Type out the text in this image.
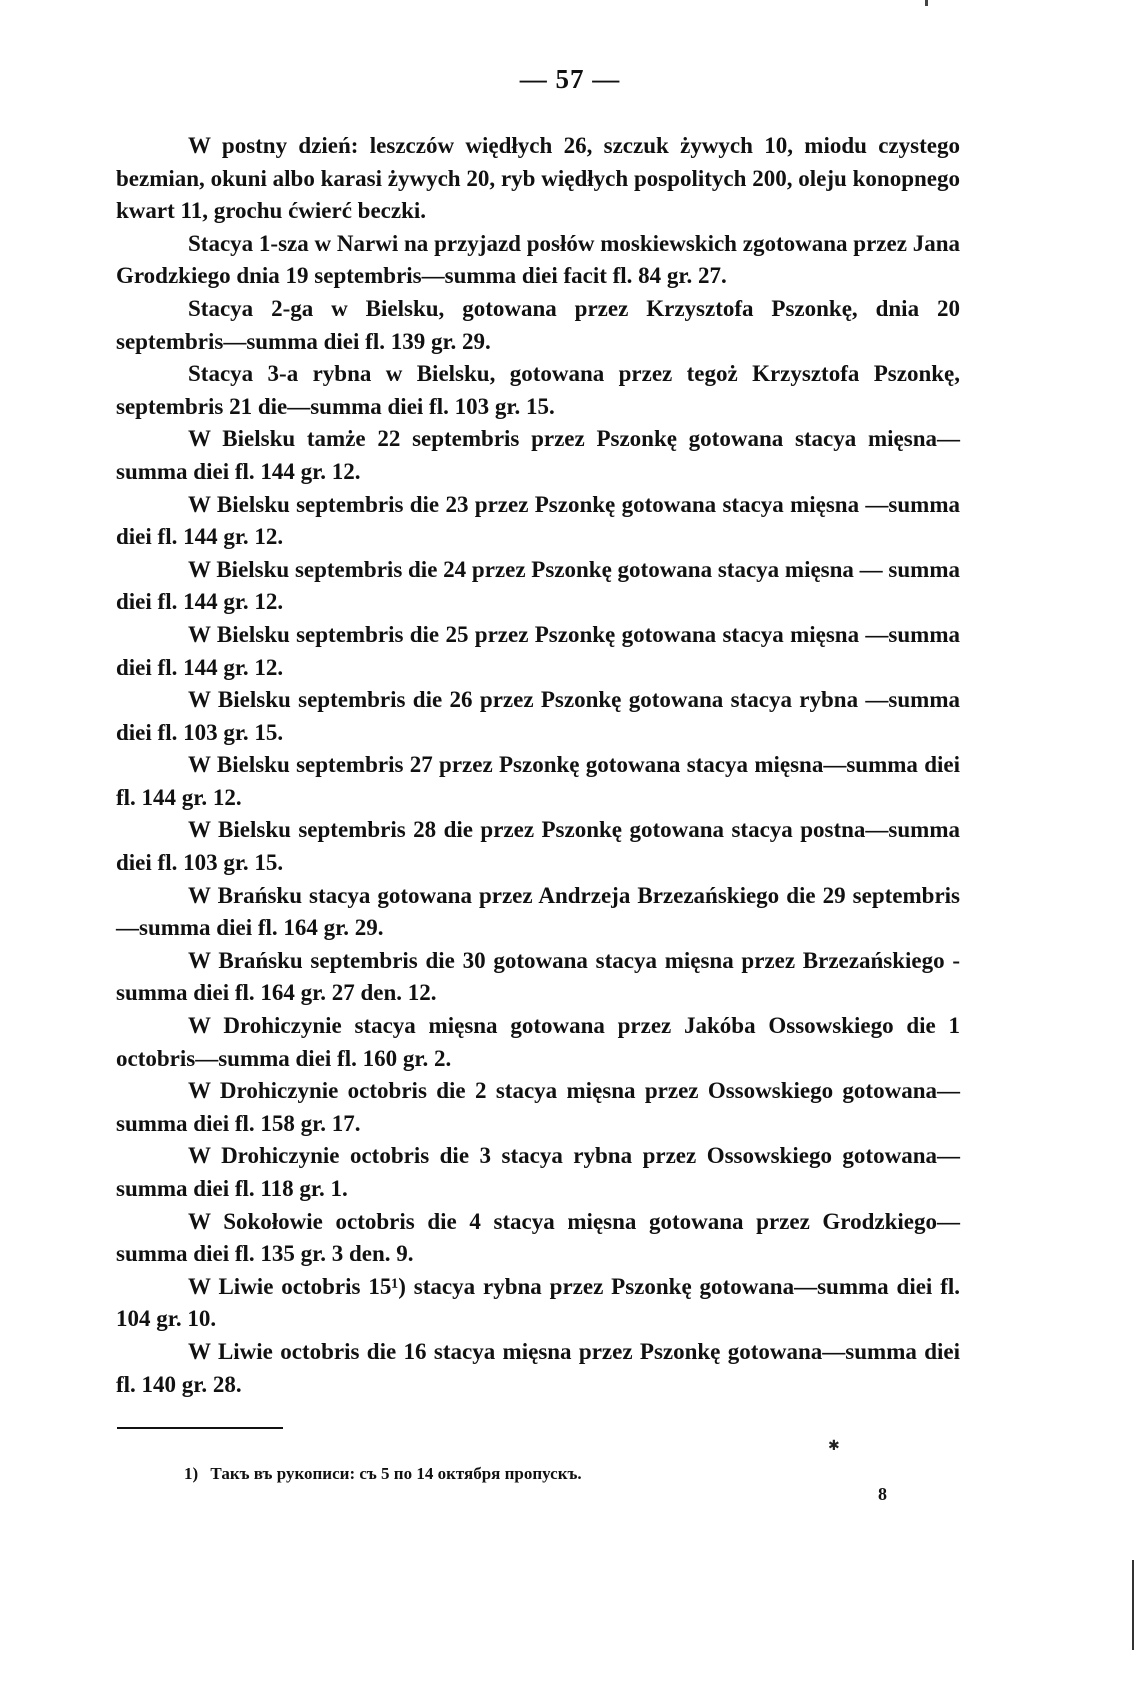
— 57 —

W postny dzień: leszczów więdłych 26, szczuk żywych 10, miodu czystego bezmian, okuni albo karasi żywych 20, ryb więdłych pospolitych 200, oleju konopnego kwart 11, grochu ćwierć beczki.

Stacya 1-sza w Narwi na przyjazd posłów moskiewskich zgotowana przez Jana Grodzkiego dnia 19 septembris—summa diei facit fl. 84 gr. 27.

Stacya 2-ga w Bielsku, gotowana przez Krzysztofa Pszonkę, dnia 20 septembris—summa diei fl. 139 gr. 29.

Stacya 3-a rybna w Bielsku, gotowana przez tegoż Krzysztofa Pszonkę, septembris 21 die—summa diei fl. 103 gr. 15.

W Bielsku tamże 22 septembris przez Pszonkę gotowana stacya mięsna—summa diei fl. 144 gr. 12.

W Bielsku septembris die 23 przez Pszonkę gotowana stacya mięsna —summa diei fl. 144 gr. 12.

W Bielsku septembris die 24 przez Pszonkę gotowana stacya mięsna — summa diei fl. 144 gr. 12.

W Bielsku septembris die 25 przez Pszonkę gotowana stacya mięsna —summa diei fl. 144 gr. 12.

W Bielsku septembris die 26 przez Pszonkę gotowana stacya rybna —summa diei fl. 103 gr. 15.

W Bielsku septembris 27 przez Pszonkę gotowana stacya mięsna—summa diei fl. 144 gr. 12.

W Bielsku septembris 28 die przez Pszonkę gotowana stacya postna—summa diei fl. 103 gr. 15.

W Brańsku stacya gotowana przez Andrzeja Brzezańskiego die 29 septembris—summa diei fl. 164 gr. 29.

W Brańsku septembris die 30 gotowana stacya mięsna przez Brzezańskiego - summa diei fl. 164 gr. 27 den. 12.

W Drohiczynie stacya mięsna gotowana przez Jakóba Ossowskiego die 1 octobris—summa diei fl. 160 gr. 2.

W Drohiczynie octobris die 2 stacya mięsna przez Ossowskiego gotowana—summa diei fl. 158 gr. 17.

W Drohiczynie octobris die 3 stacya rybna przez Ossowskiego gotowana—summa diei fl. 118 gr. 1.

W Sokołowie octobris die 4 stacya mięsna gotowana przez Grodzkiego—summa diei fl. 135 gr. 3 den. 9.

W Liwie octobris 15¹) stacya rybna przez Pszonkę gotowana—summa diei fl. 104 gr. 10.

W Liwie octobris die 16 stacya mięsna przez Pszonkę gotowana—summa diei fl. 140 gr. 28.

✱
1) Такъ въ рукописи: съ 5 по 14 октября пропускъ.
8
